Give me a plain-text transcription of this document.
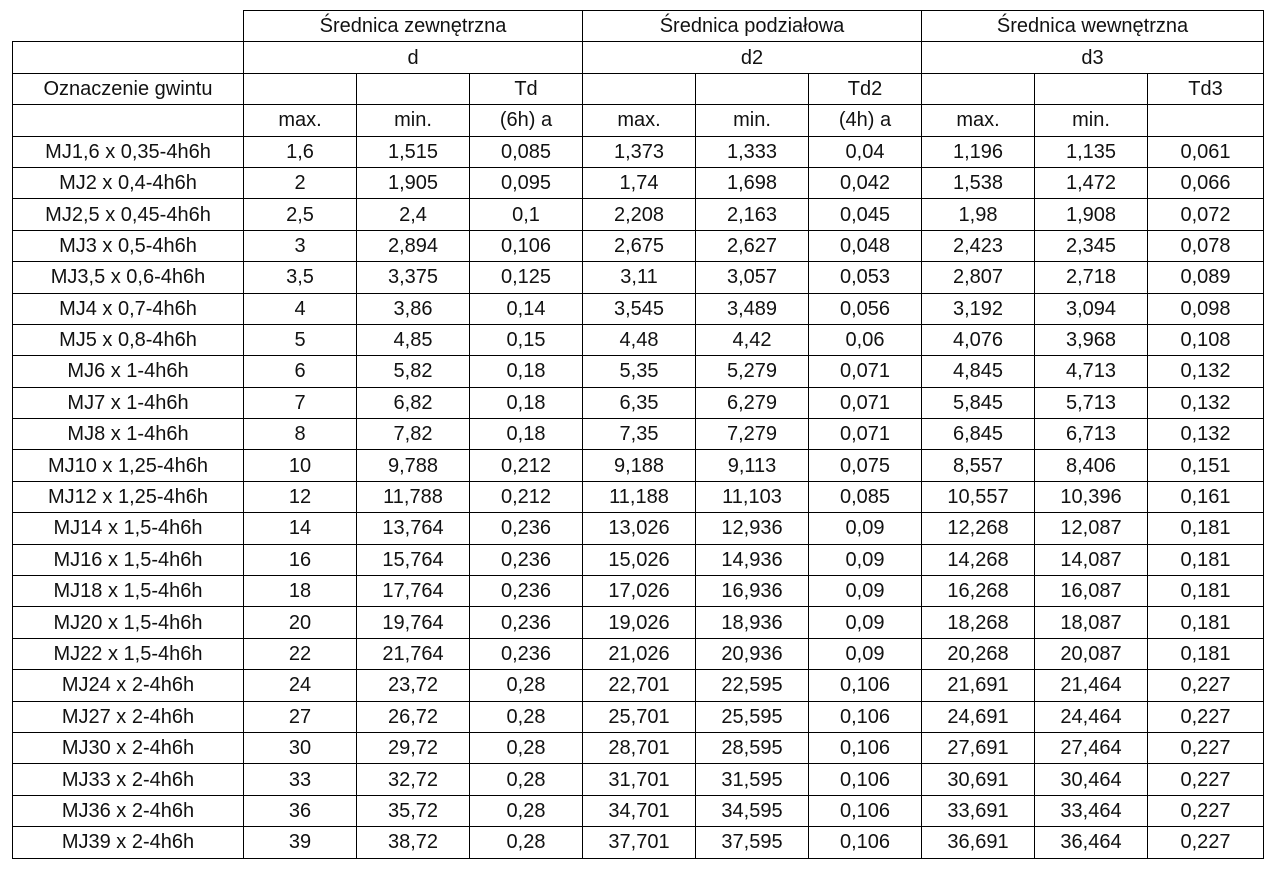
	Średnica zewnętrzna			Średnica podziałowa			Średnica wewnętrzna		
	d			d2			d3		
Oznaczenie gwintu			Td			Td2			Td3
	max.	min.	(6h) a	max.	min.	(4h) a	max.	min.	
MJ1,6 x 0,35-4h6h	1,6	1,515	0,085	1,373	1,333	0,04	1,196	1,135	0,061
MJ2 x 0,4-4h6h	2	1,905	0,095	1,74	1,698	0,042	1,538	1,472	0,066
MJ2,5 x 0,45-4h6h	2,5	2,4	0,1	2,208	2,163	0,045	1,98	1,908	0,072
MJ3 x 0,5-4h6h	3	2,894	0,106	2,675	2,627	0,048	2,423	2,345	0,078
MJ3,5 x 0,6-4h6h	3,5	3,375	0,125	3,11	3,057	0,053	2,807	2,718	0,089
MJ4 x 0,7-4h6h	4	3,86	0,14	3,545	3,489	0,056	3,192	3,094	0,098
MJ5 x 0,8-4h6h	5	4,85	0,15	4,48	4,42	0,06	4,076	3,968	0,108
MJ6 x 1-4h6h	6	5,82	0,18	5,35	5,279	0,071	4,845	4,713	0,132
MJ7 x 1-4h6h	7	6,82	0,18	6,35	6,279	0,071	5,845	5,713	0,132
MJ8 x 1-4h6h	8	7,82	0,18	7,35	7,279	0,071	6,845	6,713	0,132
MJ10 x 1,25-4h6h	10	9,788	0,212	9,188	9,113	0,075	8,557	8,406	0,151
MJ12 x 1,25-4h6h	12	11,788	0,212	11,188	11,103	0,085	10,557	10,396	0,161
MJ14 x 1,5-4h6h	14	13,764	0,236	13,026	12,936	0,09	12,268	12,087	0,181
MJ16 x 1,5-4h6h	16	15,764	0,236	15,026	14,936	0,09	14,268	14,087	0,181
MJ18 x 1,5-4h6h	18	17,764	0,236	17,026	16,936	0,09	16,268	16,087	0,181
MJ20 x 1,5-4h6h	20	19,764	0,236	19,026	18,936	0,09	18,268	18,087	0,181
MJ22 x 1,5-4h6h	22	21,764	0,236	21,026	20,936	0,09	20,268	20,087	0,181
MJ24 x 2-4h6h	24	23,72	0,28	22,701	22,595	0,106	21,691	21,464	0,227
MJ27 x 2-4h6h	27	26,72	0,28	25,701	25,595	0,106	24,691	24,464	0,227
MJ30 x 2-4h6h	30	29,72	0,28	28,701	28,595	0,106	27,691	27,464	0,227
MJ33 x 2-4h6h	33	32,72	0,28	31,701	31,595	0,106	30,691	30,464	0,227
MJ36 x 2-4h6h	36	35,72	0,28	34,701	34,595	0,106	33,691	33,464	0,227
MJ39 x 2-4h6h	39	38,72	0,28	37,701	37,595	0,106	36,691	36,464	0,227
